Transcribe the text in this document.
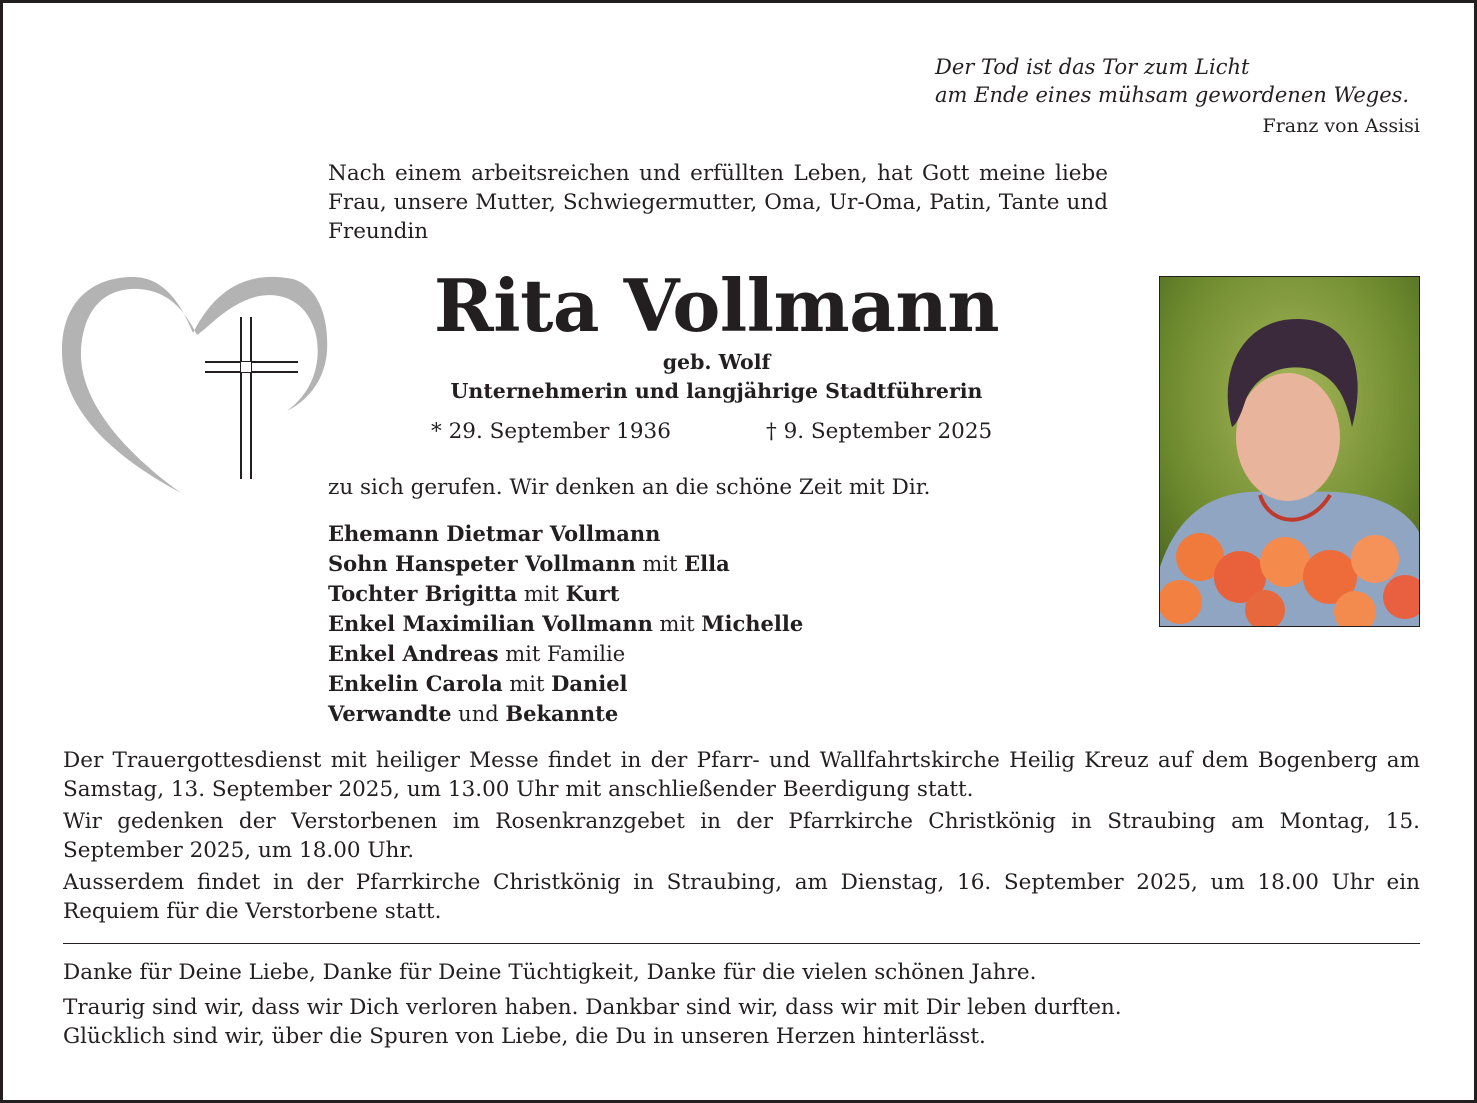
Der Tod ist das Tor zum Licht
am Ende eines mühsam gewordenen Weges.
Franz von Assisi
Nach einem arbeitsreichen und erfüllten Leben, hat Gott meine liebe Frau, unsere Mutter, Schwiegermutter, Oma, Ur-Oma, Patin, Tante und Freundin
Rita Vollmann
geb. Wolf
Unternehmerin und langjährige Stadtführerin
* 29. September 1936	† 9. September 2025
zu sich gerufen. Wir denken an die schöne Zeit mit Dir.
Ehemann Dietmar Vollmann
Sohn Hanspeter Vollmann mit Ella
Tochter Brigitta mit Kurt
Enkel Maximilian Vollmann mit Michelle
Enkel Andreas mit Familie
Enkelin Carola mit Daniel
Verwandte und Bekannte

Der Trauergottesdienst mit heiliger Messe findet in der Pfarr- und Wallfahrtskirche Heilig Kreuz auf dem Bogenberg am Samstag, 13. September 2025, um 13.00 Uhr mit anschließender Beerdigung statt.

Wir gedenken der Verstorbenen im Rosenkranzgebet in der Pfarrkirche Christkönig in Straubing am Montag, 15. September 2025, um 18.00 Uhr.

Ausserdem findet in der Pfarrkirche Christkönig in Straubing, am Dienstag, 16. September 2025, um 18.00 Uhr ein Requiem für die Verstorbene statt.

Danke für Deine Liebe, Danke für Deine Tüchtigkeit, Danke für die vielen schönen Jahre.
Traurig sind wir, dass wir Dich verloren haben. Dankbar sind wir, dass wir mit Dir leben durften.
Glücklich sind wir, über die Spuren von Liebe, die Du in unseren Herzen hinterlässt.
